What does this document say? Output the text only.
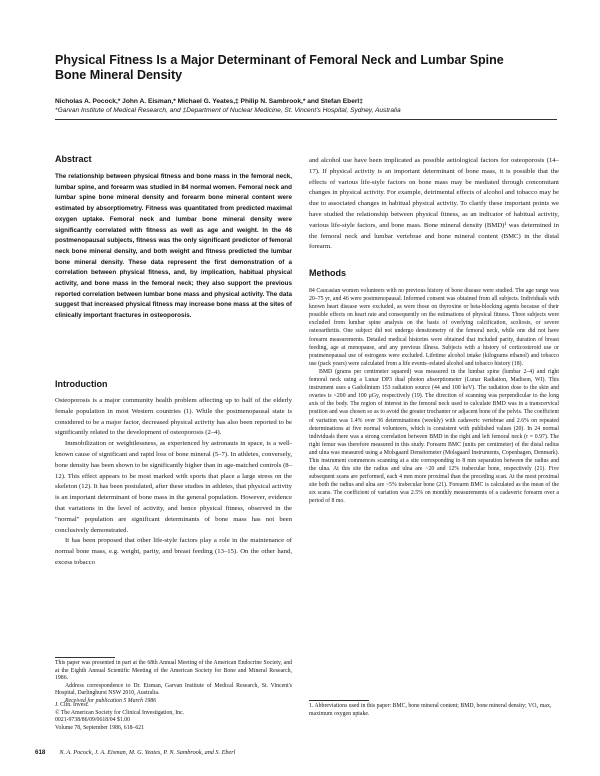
Physical Fitness Is a Major Determinant of Femoral Neck and Lumbar Spine Bone Mineral Density
Nicholas A. Pocock,* John A. Eisman,* Michael G. Yeates,‡ Philip N. Sambrook,* and Stefan Eberl‡
*Garvan Institute of Medical Research, and ‡Department of Nuclear Medicine, St. Vincent's Hospital, Sydney, Australia
Abstract
The relationship between physical fitness and bone mass in the femoral neck, lumbar spine, and forearm was studied in 84 normal women. Femoral neck and lumbar spine bone mineral density and forearm bone mineral content were estimated by absorptiometry. Fitness was quantitated from predicted maximal oxygen uptake. Femoral neck and lumbar bone mineral density were significantly correlated with fitness as well as age and weight. In the 46 postmenopausal subjects, fitness was the only significant predictor of femoral neck bone mineral density, and both weight and fitness predicted the lumbar bone mineral density. These data represent the first demonstration of a correlation between physical fitness, and, by implication, habitual physical activity, and bone mass in the femoral neck; they also support the previous reported correlation between lumbar bone mass and physical activity. The data suggest that increased physical fitness may increase bone mass at the sites of clinically important fractures in osteoporosis.
Introduction

Osteoporosis is a major community health problem affecting up to half of the elderly female population in most Western countries (1). While the postmenopausal state is considered to be a major factor, decreased physical activity has also been reported to be significantly related to the development of osteoporosis (2–4).

Immobilization or weightlessness, as experienced by astronauts in space, is a well-known cause of significant and rapid loss of bone mineral (5–7). In athletes, conversely, bone density has been shown to be significantly higher than in age-matched controls (8–12). This effect appears to be most marked with sports that place a large stress on the skeleton (12). It has been postulated, after these studies in athletes, that physical activity is an important determinant of bone mass in the general population. However, evidence that variations in the level of activity, and hence physical fitness, observed in the "normal" population are significant determinants of bone mass has not been conclusively demonstrated.

It has been proposed that other life-style factors play a role in the maintenance of normal bone mass, e.g. weight, parity, and breast feeding (13–15). On the other hand, excess tobacco

This paper was presented in part at the 68th Annual Meeting of the American Endocrine Society, and at the Eighth Annual Scientific Meeting of the American Society for Bone and Mineral Research, 1986.

Address correspondence to Dr. Eisman, Garvan Institute of Medical Research, St. Vincent's Hospital, Darlinghurst NSW 2010, Australia.

Received for publication 5 March 1986

J. Clin. Invest.

© The American Society for Clinical Investigation, Inc.

0021-9738/86/09/0618/04 $1.00

Volume 78, September 1986, 618–621

and alcohol use have been implicated as possible aetiological factors for osteoporosis (14–17). If physical activity is an important determinant of bone mass, it is possible that the effects of various life-style factors on bone mass may be mediated through concomitant changes in physical activity. For example, detrimental effects of alcohol and tobacco may be due to associated changes in habitual physical activity. To clarify these important points we have studied the relationship between physical fitness, as an indicator of habitual activity, various life-style factors, and bone mass. Bone mineral density (BMD)¹ was determined in the femoral neck and lumbar vertebrae and bone mineral content (BMC) in the distal forearm.
Methods

84 Caucasian women volunteers with no previous history of bone disease were studied. The age range was 20–75 yr, and 46 were postmenopausal. Informed consent was obtained from all subjects. Individuals with known heart disease were excluded, as were those on thyroxine or beta-blocking agents because of their possible effects on heart rate and consequently on the estimations of physical fitness. Three subjects were excluded from lumbar spine analysis on the basis of overlying calcification, scoliosis, or severe osteoarthritis. One subject did not undergo densitometry of the femoral neck, while one did not have forearm measurements. Detailed medical histories were obtained that included parity, duration of breast feeding, age at menopause, and any previous illness. Subjects with a history of corticosteroid use or postmenopausal use of estrogens were excluded. Lifetime alcohol intake (kilograms ethanol) and tobacco use (pack years) were calculated from a life events–related alcohol and tobacco history (18).

BMD (grams per centimeter squared) was measured in the lumbar spine (lumbar 2–4) and right femoral neck using a Lunar DP3 dual photon absorptiometer (Lunar Radiation, Madison, WI). This instrument uses a Gadolinium 153 radiation source (44 and 100 keV). The radiation dose to the skin and ovaries is <200 and 100 μGy, respectively (19). The direction of scanning was perpendicular to the long axis of the body. The region of interest in the femoral neck used to calculate BMD was in a transcervical position and was chosen so as to avoid the greater trochanter or adjacent bone of the pelvis. The coefficient of variation was 1.4% over 36 determinations (weekly) with cadaveric vertebrae and 2.6% on repeated determinations at five normal volunteers, which is consistent with published values (20). In 24 normal individuals there was a strong correlation between BMD in the right and left femoral neck (r = 0.97). The right femur was therefore measured in this study. Forearm BMC (units per centimeter) of the distal radius and ulna was measured using a Molsgaard Densitometer (Molsgaard Instruments, Copenhagen, Denmark). This instrument commences scanning at a site corresponding to 8 mm separation between the radius and the ulna. At this site the radius and ulna are ~20 and 12% trabecular bone, respectively (21). Five subsequent scans are performed, each 4 mm more proximal than the preceding scan. At the most proximal site both the radius and ulna are ~5% trabecular bone (21). Forearm BMC is calculated as the mean of the six scans. The coefficient of variation was 2.5% on monthly measurements of a cadaveric forearm over a period of 8 mo.

1. Abbreviations used in this paper: BMC, bone mineral content; BMD, bone mineral density; VO₂ max, maximum oxygen uptake.
618 N. A. Pocock, J. A. Eisman, M. G. Yeates, P. N. Sambrook, and S. Eberl
